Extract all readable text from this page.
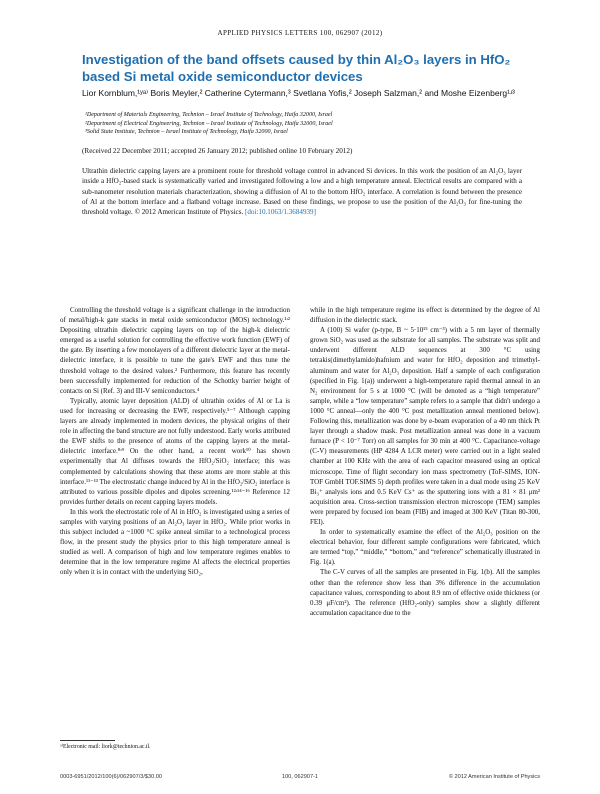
APPLIED PHYSICS LETTERS 100, 062907 (2012)
Investigation of the band offsets caused by thin Al₂O₃ layers in HfO₂ based Si metal oxide semiconductor devices
Lior Kornblum,¹ʸᵃ⁾ Boris Meyler,² Catherine Cytermann,³ Svetlana Yofis,² Joseph Salzman,² and Moshe Eizenberg¹ʴ³
¹Department of Materials Engineering, Technion – Israel Institute of Technology, Haifa 32000, Israel
²Department of Electrical Engineering, Technion – Israel Institute of Technology, Haifa 32000, Israel
³Solid State Institute, Technion – Israel Institute of Technology, Haifa 32000, Israel
(Received 22 December 2011; accepted 26 January 2012; published online 10 February 2012)
Ultrathin dielectric capping layers are a prominent route for threshold voltage control in advanced Si devices. In this work the position of an Al₂O₃ layer inside a HfO₂-based stack is systematically varied and investigated following a low and a high temperature anneal. Electrical results are compared with a sub-nanometer resolution materials characterization, showing a diffusion of Al to the bottom HfO₂ interface. A correlation is found between the presence of Al at the bottom interface and a flatband voltage increase. Based on these findings, we propose to use the position of the Al₂O₃ for fine-tuning the threshold voltage. © 2012 American Institute of Physics. [doi:10.1063/1.3684939]

Controlling the threshold voltage is a significant challenge in the introduction of metal/high-k gate stacks in metal oxide semiconductor (MOS) technology.¹ʴ² Depositing ultrathin dielectric capping layers on top of the high-k dielectric emerged as a useful solution for controlling the effective work function (EWF) of the gate. By inserting a few monolayers of a different dielectric layer at the metal-dielectric interface, it is possible to tune the gate's EWF and thus tune the threshold voltage to the desired values.² Furthermore, this feature has recently been successfully implemented for reduction of the Schottky barrier height of contacts on Si (Ref. 3) and III-V semiconductors.⁴

Typically, atomic layer deposition (ALD) of ultrathin oxides of Al or La is used for increasing or decreasing the EWF, respectively.⁵⁻⁷ Although capping layers are already implemented in modern devices, the physical origins of their role in affecting the band structure are not fully understood. Early works attributed the EWF shifts to the presence of atoms of the capping layers at the metal-dielectric interface.⁸ʴ⁹ On the other hand, a recent work¹⁰ has shown experimentally that Al diffuses towards the HfO₂/SiO₂ interface; this was complemented by calculations showing that these atoms are more stable at this interface.¹¹⁻¹³ The electrostatic change induced by Al in the HfO₂/SiO₂ interface is attributed to various possible dipoles and dipoles screening.¹²ʴ¹⁴⁻¹⁶ Reference 12 provides further details on recent capping layers models.

In this work the electrostatic role of Al in HfO₂ is investigated using a series of samples with varying positions of an Al₂O₃ layer in HfO₂. While prior works in this subject included a ~1000 °C spike anneal similar to a technological process flow, in the present study the physics prior to this high temperature anneal is studied as well. A comparison of high and low temperature regimes enables to determine that in the low temperature regime Al affects the electrical properties only when it is in contact with the underlying SiO₂,

while in the high temperature regime its effect is determined by the degree of Al diffusion in the dielectric stack.

A (100) Si wafer (p-type, B ~ 5·10¹⁵ cm⁻³) with a 5 nm layer of thermally grown SiO₂ was used as the substrate for all samples. The substrate was split and underwent different ALD sequences at 300 °C using tetrakis(dimethylamido)hafnium and water for HfO₂ deposition and trimethyl-aluminum and water for Al₂O₃ deposition. Half a sample of each configuration (specified in Fig. 1(a)) underwent a high-temperature rapid thermal anneal in an N₂ environment for 5 s at 1000 °C (will be denoted as a “high temperature” sample, while a “low temperature” sample refers to a sample that didn't undergo a 1000 °C anneal—only the 400 °C post metallization anneal mentioned below). Following this, metallization was done by e-beam evaporation of a 40 nm thick Pt layer through a shadow mask. Post metallization anneal was done in a vacuum furnace (P < 10⁻⁷ Torr) on all samples for 30 min at 400 °C. Capacitance-voltage (C-V) measurements (HP 4284 A LCR meter) were carried out in a light sealed chamber at 100 KHz with the area of each capacitor measured using an optical microscope. Time of flight secondary ion mass spectrometry (ToF-SIMS, ION-TOF GmbH TOF.SIMS 5) depth profiles were taken in a dual mode using 25 KeV Bi₃⁺ analysis ions and 0.5 KeV Cs⁺ as the sputtering ions with a 81 × 81 μm² acquisition area. Cross-section transmission electron microscope (TEM) samples were prepared by focused ion beam (FIB) and imaged at 300 KeV (Titan 80-300, FEI).

In order to systematically examine the effect of the Al₂O₃ position on the electrical behavior, four different sample configurations were fabricated, which are termed “top,” “middle,” “bottom,” and “reference” schematically illustrated in Fig. 1(a).

The C-V curves of all the samples are presented in Fig. 1(b). All the samples other than the reference show less than 3% difference in the accumulation capacitance values, corresponding to about 8.9 nm of effective oxide thickness (or 0.39 μF/cm²). The reference (HfO₂-only) samples show a slightly different accumulation capacitance due to the

ᵃ⁾Electronic mail: liork@technion.ac.il.
0003-6951/2012/100(6)/062907/3/$30.00	100, 062907-1	© 2012 American Institute of Physics
